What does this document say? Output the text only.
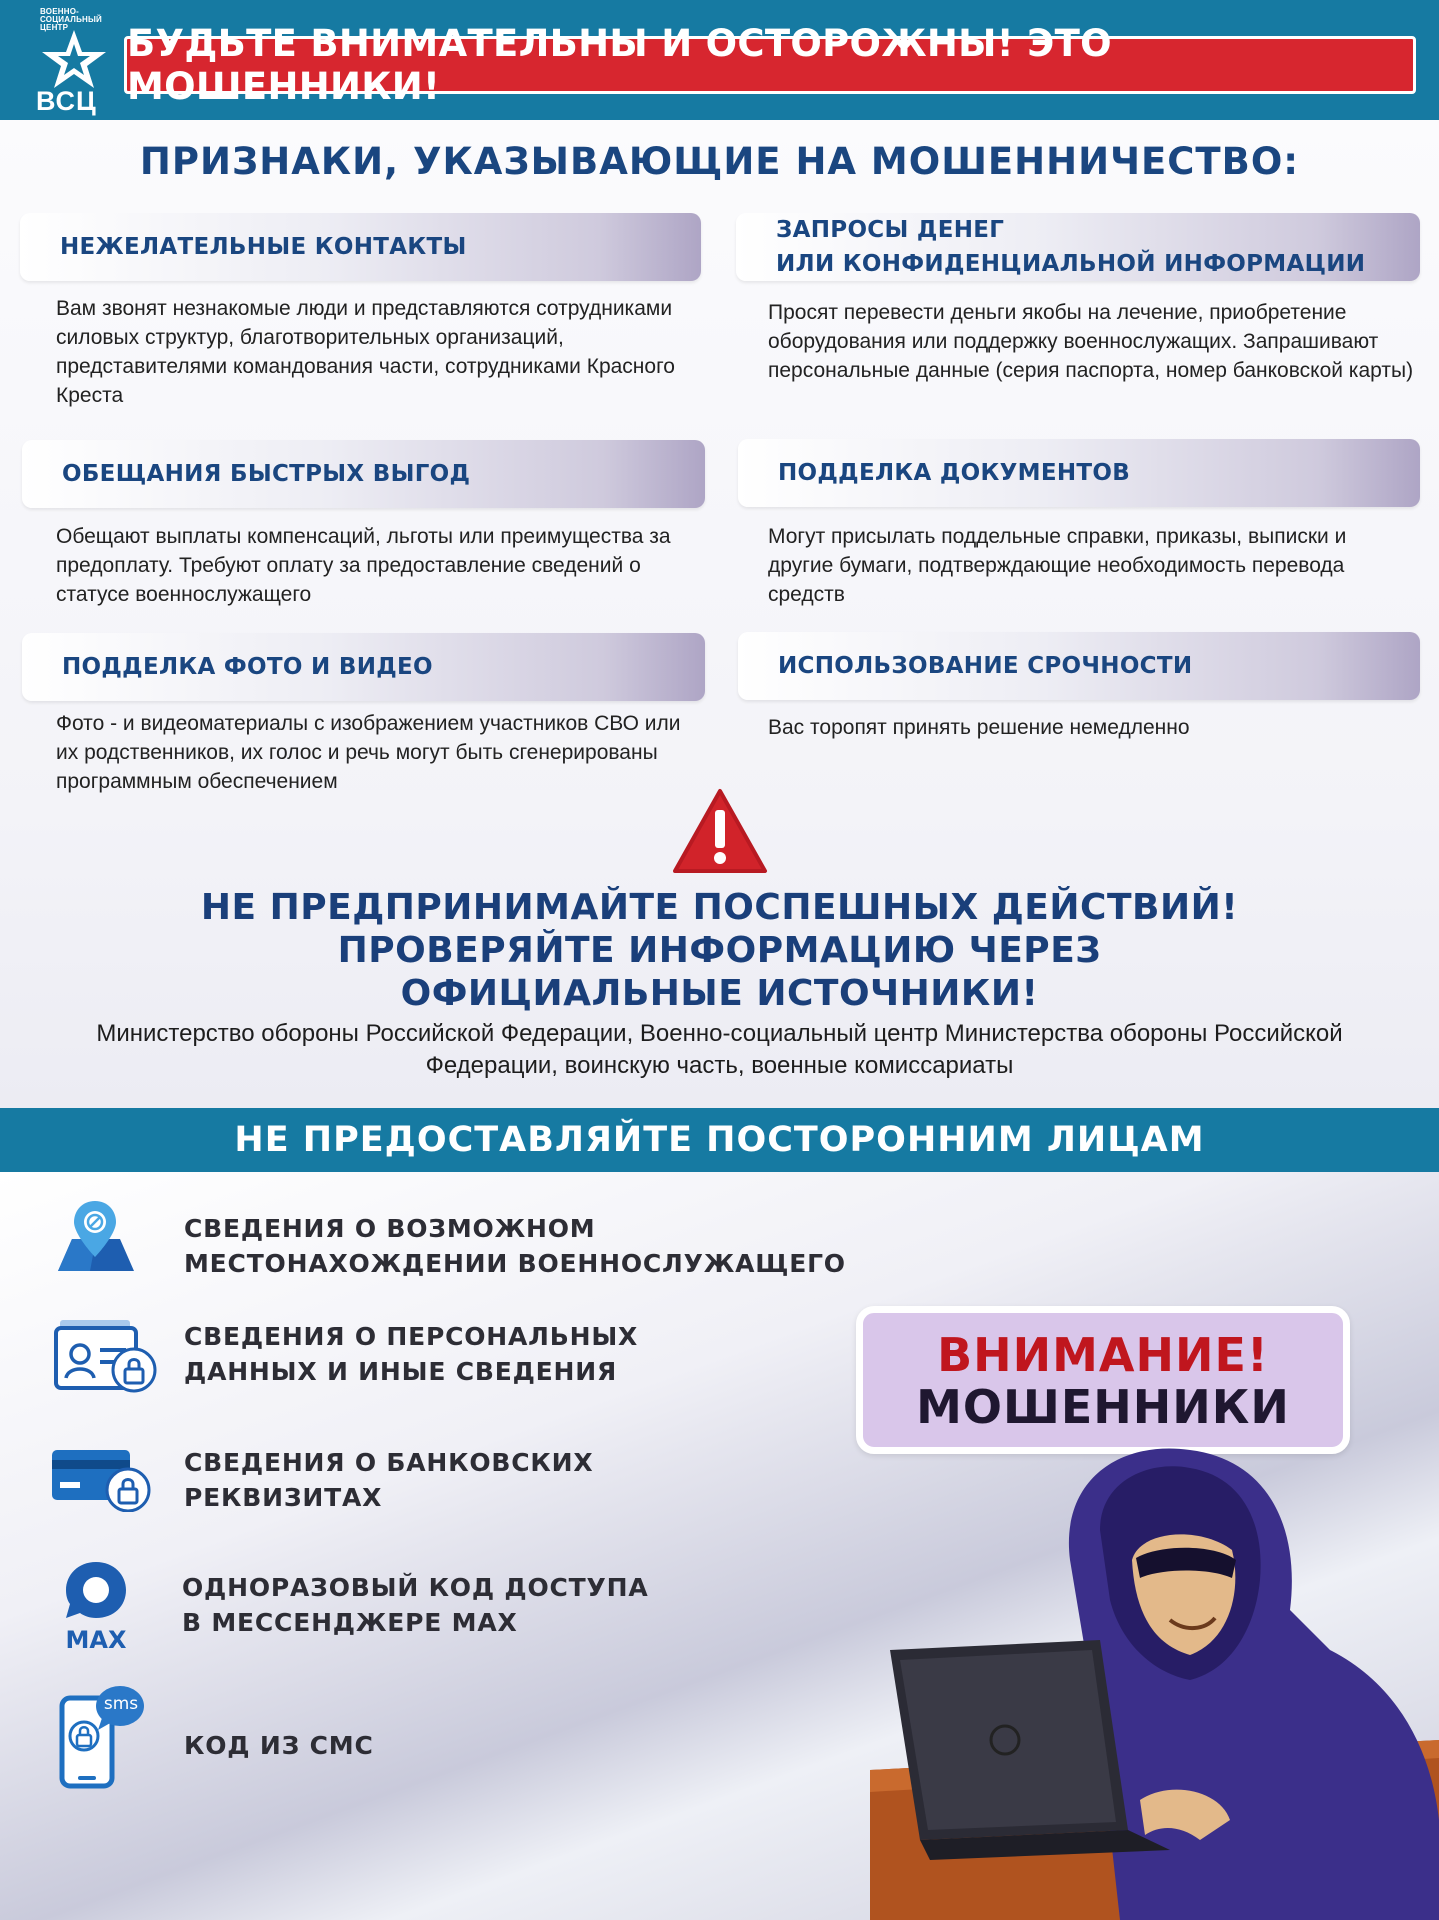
ВОЕННО-СОЦИАЛЬНЫЙ ЦЕНТР
ВСЦ
БУДЬТЕ ВНИМАТЕЛЬНЫ И ОСТОРОЖНЫ! ЭТО МОШЕННИКИ!
ПРИЗНАКИ, УКАЗЫВАЮЩИЕ НА МОШЕННИЧЕСТВО:
НЕЖЕЛАТЕЛЬНЫЕ КОНТАКТЫ
Вам звонят незнакомые люди и представляются сотрудниками силовых структур, благотворительных организаций, представителями командования части, сотрудниками Красного Креста
ЗАПРОСЫ ДЕНЕГ
ИЛИ КОНФИДЕНЦИАЛЬНОЙ ИНФОРМАЦИИ
Просят перевести деньги якобы на лечение, приобретение оборудования или поддержку военнослужащих. Запрашивают персональные данные (серия паспорта, номер банковской карты)
ОБЕЩАНИЯ БЫСТРЫХ ВЫГОД
Обещают выплаты компенсаций, льготы или преимущества за предоплату. Требуют оплату за предоставление сведений о статусе военнослужащего
ПОДДЕЛКА ДОКУМЕНТОВ
Могут присылать поддельные справки, приказы, выписки и другие бумаги, подтверждающие необходимость перевода средств
ПОДДЕЛКА ФОТО И ВИДЕО
Фото - и видеоматериалы с изображением участников СВО или их родственников, их голос и речь могут быть сгенерированы программным обеспечением
ИСПОЛЬЗОВАНИЕ СРОЧНОСТИ
Вас торопят принять решение немедленно
НЕ ПРЕДПРИНИМАЙТЕ ПОСПЕШНЫХ ДЕЙСТВИЙ!
ПРОВЕРЯЙТЕ ИНФОРМАЦИЮ ЧЕРЕЗ
ОФИЦИАЛЬНЫЕ ИСТОЧНИКИ!
Министерство обороны Российской Федерации, Военно-социальный центр Министерства обороны Российской Федерации, воинскую часть, военные комиссариаты
НЕ ПРЕДОСТАВЛЯЙТЕ ПОСТОРОННИМ ЛИЦАМ
СВЕДЕНИЯ О ВОЗМОЖНОМ
МЕСТОНАХОЖДЕНИИ ВОЕННОСЛУЖАЩЕГО
СВЕДЕНИЯ О ПЕРСОНАЛЬНЫХ
ДАННЫХ И ИНЫЕ СВЕДЕНИЯ
СВЕДЕНИЯ О БАНКОВСКИХ
РЕКВИЗИТАХ
MAX
ОДНОРАЗОВЫЙ КОД ДОСТУПА
В МЕССЕНДЖЕРЕ MAX
sms
КОД ИЗ СМС
ВНИМАНИЕ!
МОШЕННИКИ
